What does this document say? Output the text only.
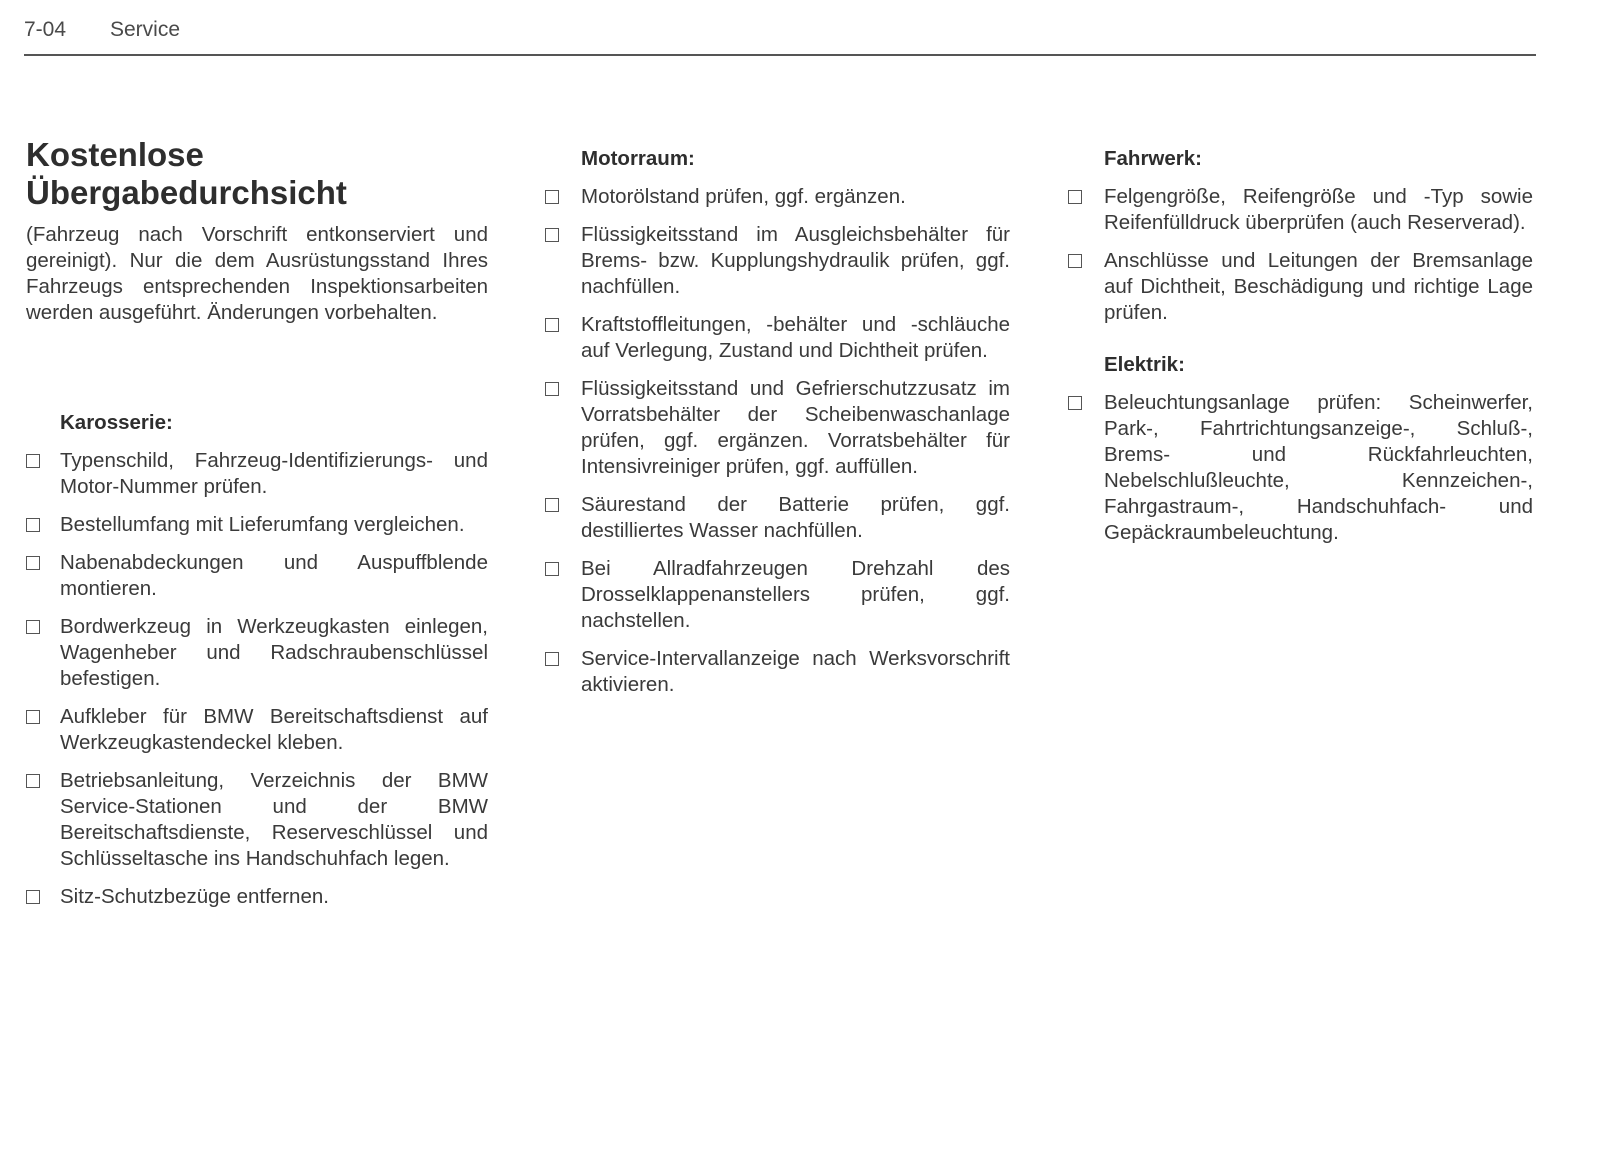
7-04 Service
Kostenlose
Übergabedurchsicht

(Fahrzeug nach Vorschrift entkonserviert und gereinigt). Nur die dem Ausrüstungsstand Ihres Fahrzeugs entsprechenden Inspektionsarbeiten werden ausgeführt. Änderungen vorbehalten.

Karosserie:
Typenschild, Fahrzeug-Identifizierungs- und Motor-Nummer prüfen.
Bestellumfang mit Lieferumfang vergleichen.
Nabenabdeckungen und Auspuffblende montieren.
Bordwerkzeug in Werkzeugkasten einlegen, Wagenheber und Radschraubenschlüssel befestigen.
Aufkleber für BMW Bereitschaftsdienst auf Werkzeugkastendeckel kleben.
Betriebsanleitung, Verzeichnis der BMW Service-Stationen und der BMW Bereitschaftsdienste, Reserveschlüssel und Schlüsseltasche ins Handschuhfach legen.
Sitz-Schutzbezüge entfernen.
Motorraum:
Motorölstand prüfen, ggf. ergänzen.
Flüssigkeitsstand im Ausgleichsbehälter für Brems- bzw. Kupplungshydraulik prüfen, ggf. nachfüllen.
Kraftstoffleitungen, -behälter und -schläuche auf Verlegung, Zustand und Dichtheit prüfen.
Flüssigkeitsstand und Gefrierschutzzusatz im Vorratsbehälter der Scheibenwaschanlage prüfen, ggf. ergänzen. Vorratsbehälter für Intensivreiniger prüfen, ggf. auffüllen.
Säurestand der Batterie prüfen, ggf. destilliertes Wasser nachfüllen.
Bei Allradfahrzeugen Drehzahl des Drosselklappenanstellers prüfen, ggf. nachstellen.
Service-Intervallanzeige nach Werksvorschrift aktivieren.
Fahrwerk:
Felgengröße, Reifengröße und -Typ sowie Reifenfülldruck überprüfen (auch Reserverad).
Anschlüsse und Leitungen der Bremsanlage auf Dichtheit, Beschädigung und richtige Lage prüfen.
Elektrik:
Beleuchtungsanlage prüfen: Scheinwerfer, Park-, Fahrtrichtungsanzeige-, Schluß-, Brems- und Rückfahrleuchten, Nebelschlußleuchte, Kennzeichen-, Fahrgastraum-, Handschuhfach- und Gepäckraumbeleuchtung.
